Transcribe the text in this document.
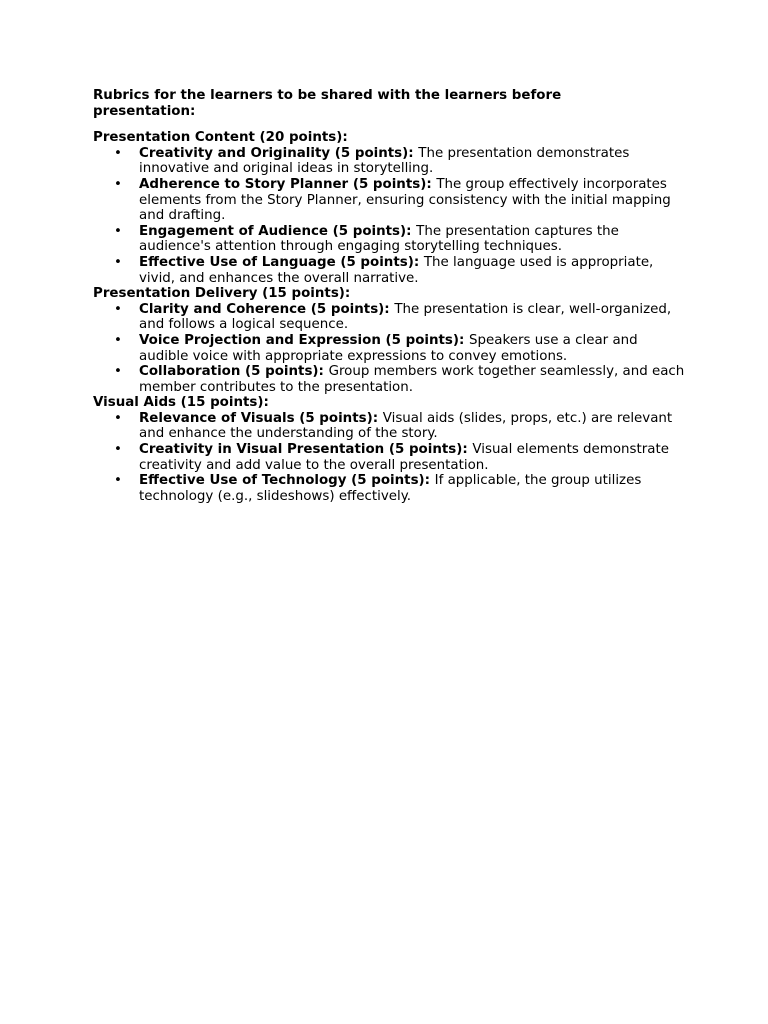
Rubrics for the learners to be shared with the learners before presentation:
Presentation Content (20 points):
• Creativity and Originality (5 points): The presentation demonstrates innovative and original ideas in storytelling.
• Adherence to Story Planner (5 points): The group effectively incorporates elements from the Story Planner, ensuring consistency with the initial mapping and drafting.
• Engagement of Audience (5 points): The presentation captures the audience's attention through engaging storytelling techniques.
• Effective Use of Language (5 points): The language used is appropriate, vivid, and enhances the overall narrative.
Presentation Delivery (15 points):
• Clarity and Coherence (5 points): The presentation is clear, well-organized, and follows a logical sequence.
• Voice Projection and Expression (5 points): Speakers use a clear and audible voice with appropriate expressions to convey emotions.
• Collaboration (5 points): Group members work together seamlessly, and each member contributes to the presentation.
Visual Aids (15 points):
• Relevance of Visuals (5 points): Visual aids (slides, props, etc.) are relevant and enhance the understanding of the story.
• Creativity in Visual Presentation (5 points): Visual elements demonstrate creativity and add value to the overall presentation.
• Effective Use of Technology (5 points): If applicable, the group utilizes technology (e.g., slideshows) effectively.
